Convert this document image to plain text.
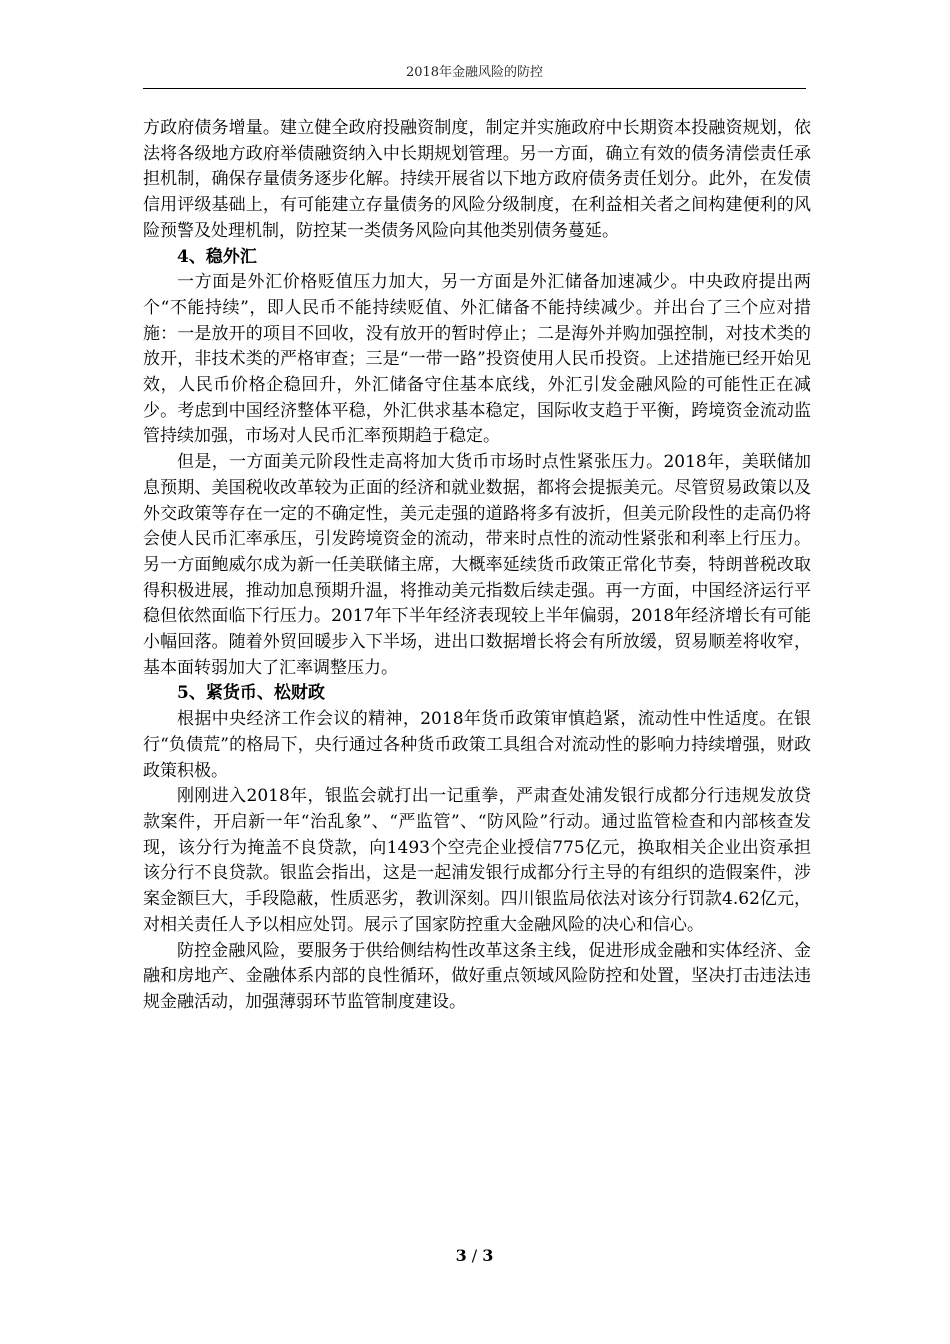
2018年金融风险的防控

方政府债务增量。建立健全政府投融资制度，制定并实施政府中长期资本投融资规划，依法将各级地方政府举债融资纳入中长期规划管理。另一方面，确立有效的债务清偿责任承担机制，确保存量债务逐步化解。持续开展省以下地方政府债务责任划分。此外，在发债信用评级基础上，有可能建立存量债务的风险分级制度，在利益相关者之间构建便利的风险预警及处理机制，防控某一类债务风险向其他类别债务蔓延。

4、稳外汇

一方面是外汇价格贬值压力加大，另一方面是外汇储备加速减少。中央政府提出两个“不能持续”，即人民币不能持续贬值、外汇储备不能持续减少。并出台了三个应对措施：一是放开的项目不回收，没有放开的暂时停止；二是海外并购加强控制，对技术类的放开，非技术类的严格审查；三是“一带一路”投资使用人民币投资。上述措施已经开始见效，人民币价格企稳回升，外汇储备守住基本底线，外汇引发金融风险的可能性正在减少。考虑到中国经济整体平稳，外汇供求基本稳定，国际收支趋于平衡，跨境资金流动监管持续加强，市场对人民币汇率预期趋于稳定。

但是，一方面美元阶段性走高将加大货币市场时点性紧张压力。2018年，美联储加息预期、美国税收改革较为正面的经济和就业数据，都将会提振美元。尽管贸易政策以及外交政策等存在一定的不确定性，美元走强的道路将多有波折，但美元阶段性的走高仍将会使人民币汇率承压，引发跨境资金的流动，带来时点性的流动性紧张和利率上行压力。另一方面鲍威尔成为新一任美联储主席，大概率延续货币政策正常化节奏，特朗普税改取得积极进展，推动加息预期升温，将推动美元指数后续走强。再一方面，中国经济运行平稳但依然面临下行压力。2017年下半年经济表现较上半年偏弱，2018年经济增长有可能小幅回落。随着外贸回暖步入下半场，进出口数据增长将会有所放缓，贸易顺差将收窄，基本面转弱加大了汇率调整压力。

5、紧货币、松财政

根据中央经济工作会议的精神，2018年货币政策审慎趋紧，流动性中性适度。在银行“负债荒”的格局下，央行通过各种货币政策工具组合对流动性的影响力持续增强，财政政策积极。

刚刚进入2018年，银监会就打出一记重拳，严肃查处浦发银行成都分行违规发放贷款案件，开启新一年“治乱象”、“严监管”、“防风险”行动。通过监管检查和内部核查发现，该分行为掩盖不良贷款，向1493个空壳企业授信775亿元，换取相关企业出资承担该分行不良贷款。银监会指出，这是一起浦发银行成都分行主导的有组织的造假案件，涉案金额巨大，手段隐蔽，性质恶劣，教训深刻。四川银监局依法对该分行罚款4.62亿元，对相关责任人予以相应处罚。展示了国家防控重大金融风险的决心和信心。

防控金融风险，要服务于供给侧结构性改革这条主线，促进形成金融和实体经济、金融和房地产、金融体系内部的良性循环，做好重点领域风险防控和处置，坚决打击违法违规金融活动，加强薄弱环节监管制度建设。

3 / 3
